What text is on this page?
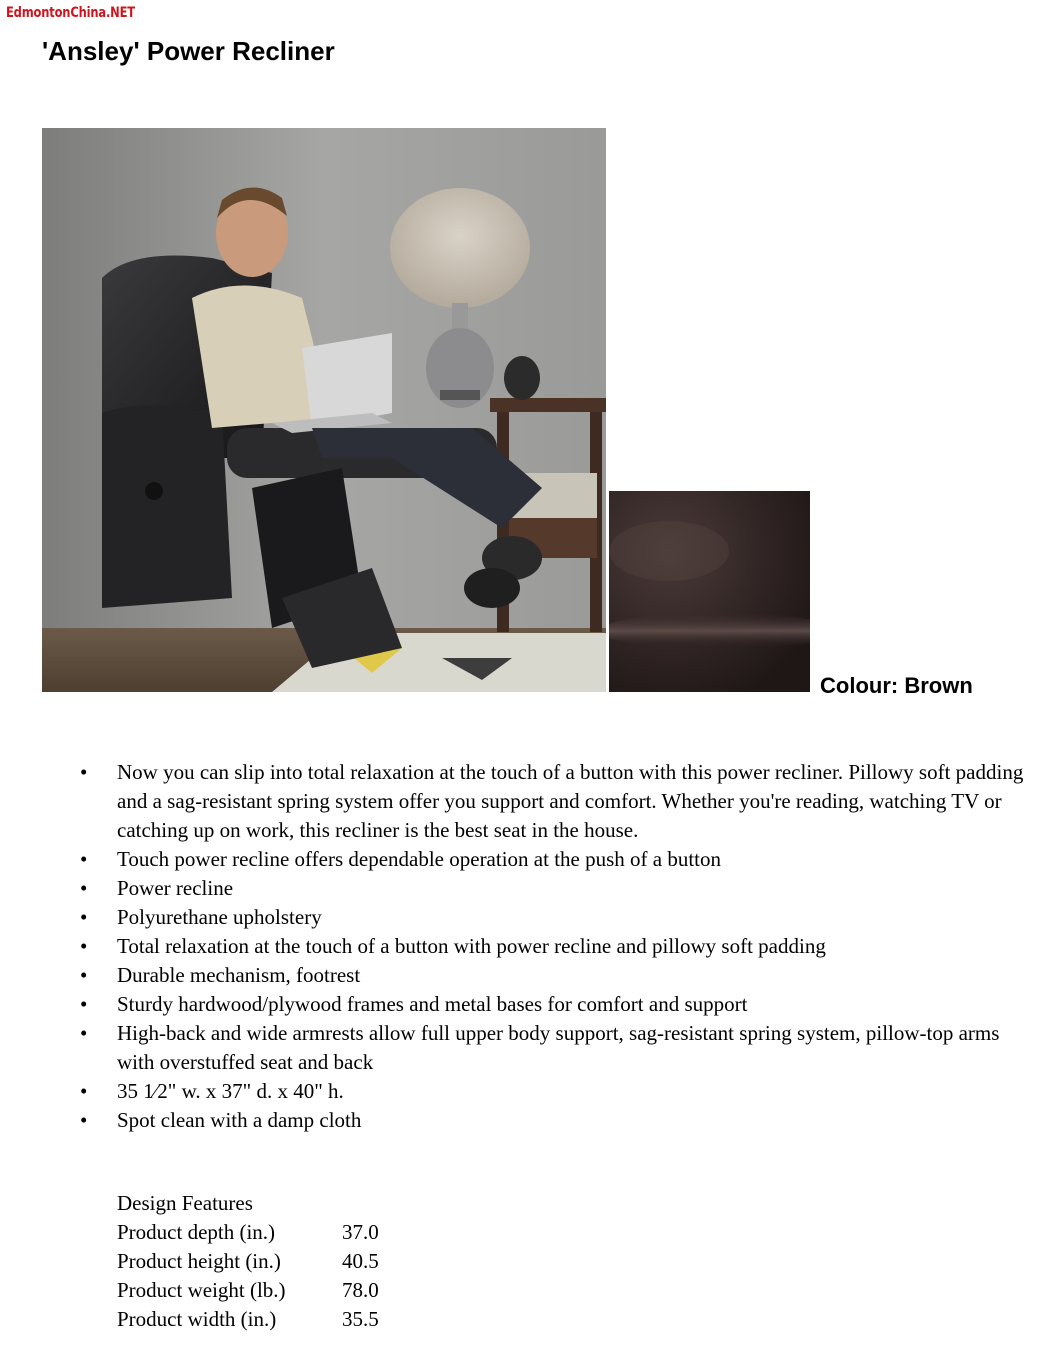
EdmontonChina.NET
'Ansley' Power Recliner
Colour: Brown
• Now you can slip into total relaxation at the touch of a button with this power recliner. Pillowy soft padding and a sag-resistant spring system offer you support and comfort. Whether you're reading, watching TV or catching up on work, this recliner is the best seat in the house.
• Touch power recline offers dependable operation at the push of a button
• Power recline
• Polyurethane upholstery
• Total relaxation at the touch of a button with power recline and pillowy soft padding
• Durable mechanism, footrest
• Sturdy hardwood/plywood frames and metal bases for comfort and support
• High-back and wide armrests allow full upper body support, sag-resistant spring system, pillow-top arms with overstuffed seat and back
• 35 1⁄2" w. x 37" d. x 40" h.
• Spot clean with a damp cloth
Design Features
Product depth (in.)	37.0
Product height (in.)	40.5
Product weight (lb.)	78.0
Product width (in.)	35.5
